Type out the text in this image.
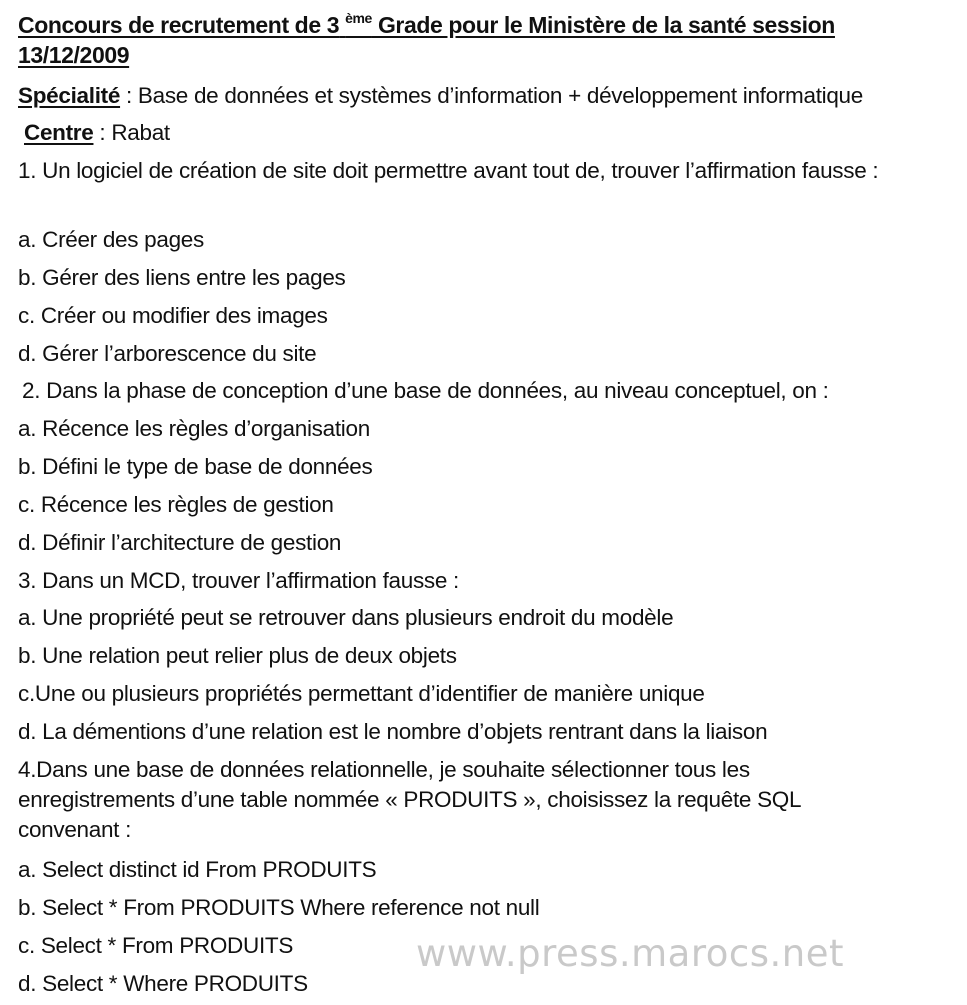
Concours de recrutement de 3 $^{ème}$ Grade pour le Ministère de la santé session 13/12/2009
Spécialité : Base de données et systèmes d’information + développement informatique
Centre : Rabat
1. Un logiciel de création de site doit permettre avant tout de, trouver l’affirmation fausse :
a. Créer des pages
b. Gérer des liens entre les pages
c. Créer ou modifier des images
d. Gérer l’arborescence du site
2. Dans la phase de conception d’une base de données, au niveau conceptuel, on :
a. Récence les règles d’organisation
b. Défini le type de base de données
c. Récence les règles de gestion
d. Définir l’architecture de gestion
3. Dans un MCD, trouver l’affirmation fausse :
a. Une propriété peut se retrouver dans plusieurs endroit du modèle
b. Une relation peut relier plus de deux objets
c.Une ou plusieurs propriétés permettant d’identifier de manière unique
d. La démentions d’une relation est le nombre d’objets rentrant dans la liaison
4.Dans une base de données relationnelle, je souhaite sélectionner tous les enregistrements d’une table nommée « PRODUITS », choisissez la requête SQL convenant :
a. Select distinct id From PRODUITS
b. Select * From PRODUITS Where reference not null
c. Select * From PRODUITS
d. Select * Where PRODUITS
www.press.marocs.net
